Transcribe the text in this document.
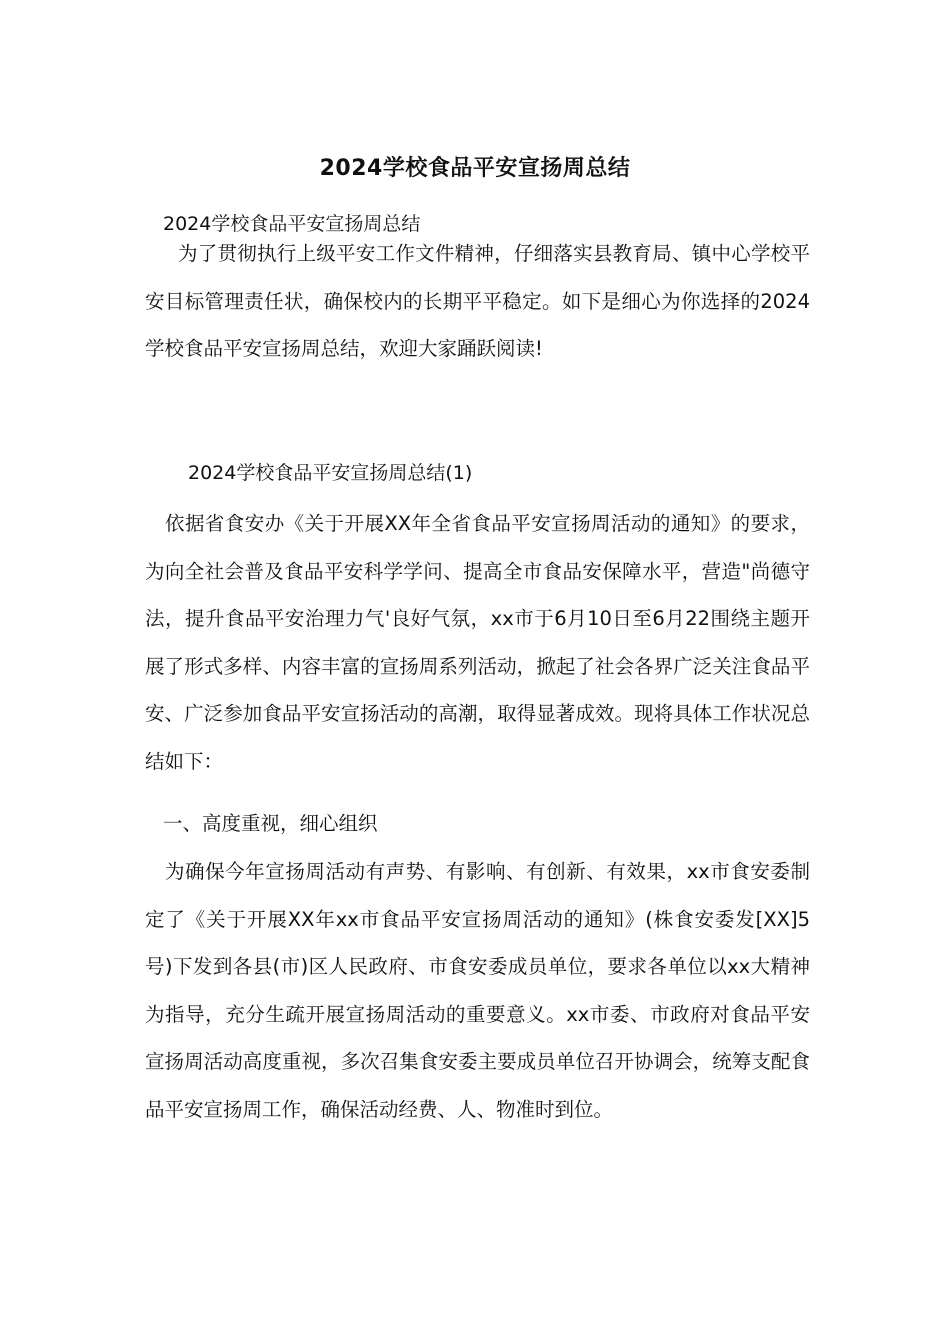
2024学校食品平安宣扬周总结
2024学校食品平安宣扬周总结

为了贯彻执行上级平安工作文件精神，仔细落实县教育局、镇中心学校平安目标管理责任状，确保校内的长期平平稳定。如下是细心为你选择的2024学校食品平安宣扬周总结，欢迎大家踊跃阅读!

2024学校食品平安宣扬周总结(1)

依据省食安办《关于开展XX年全省食品平安宣扬周活动的通知》的要求，为向全社会普及食品平安科学学问、提高全市食品安保障水平，营造"尚德守法，提升食品平安治理力气'良好气氛，xx市于6月10日至6月22围绕主题开展了形式多样、内容丰富的宣扬周系列活动，掀起了社会各界广泛关注食品平安、广泛参加食品平安宣扬活动的高潮，取得显著成效。现将具体工作状况总结如下：

一、高度重视，细心组织

为确保今年宣扬周活动有声势、有影响、有创新、有效果，xx市食安委制定了《关于开展XX年xx市食品平安宣扬周活动的通知》(株食安委发[XX]5号)下发到各县(市)区人民政府、市食安委成员单位，要求各单位以xx大精神为指导，充分生疏开展宣扬周活动的重要意义。xx市委、市政府对食品平安宣扬周活动高度重视，多次召集食安委主要成员单位召开协调会，统筹支配食品平安宣扬周工作，确保活动经费、人、物准时到位。
